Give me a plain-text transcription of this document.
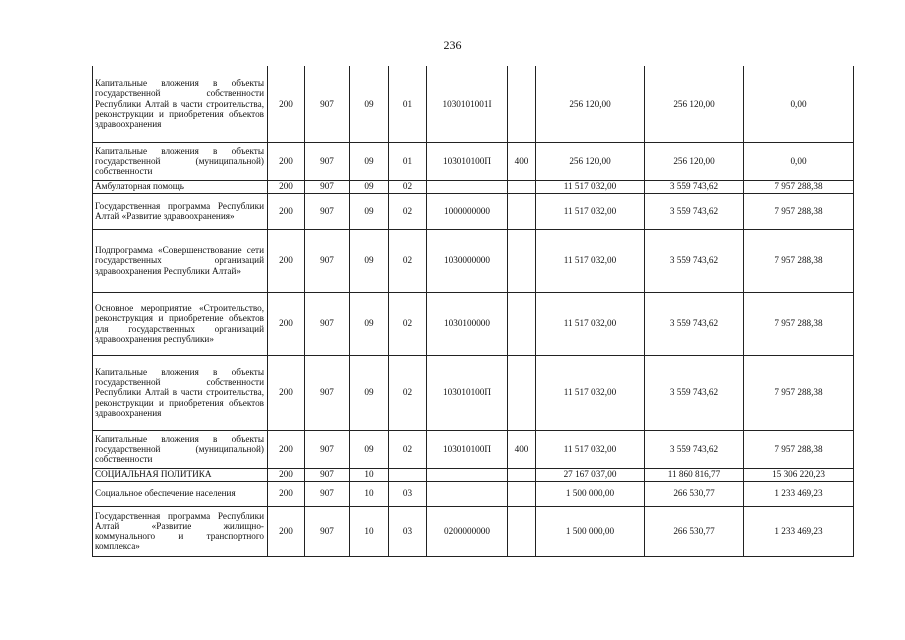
236
Капитальные вложения в объекты государственной собственности Республики Алтай в части строительства, реконструкции и приобретения объектов здравоохранения	200	907	09	01	1030101001I		256 120,00	256 120,00	0,00
Капитальные вложения в объекты государственной (муниципальной) собственности	200	907	09	01	103010100П	400	256 120,00	256 120,00	0,00
Амбулаторная помощь	200	907	09	02			11 517 032,00	3 559 743,62	7 957 288,38
Государственная программа Республики Алтай «Развитие здравоохранения»	200	907	09	02	1000000000		11 517 032,00	3 559 743,62	7 957 288,38
Подпрограмма «Совершенствование сети государственных организаций здравоохранения Республики Алтай»	200	907	09	02	1030000000		11 517 032,00	3 559 743,62	7 957 288,38
Основное мероприятие «Строительство, реконструкция и приобретение объектов для государственных организаций здравоохранения республики»	200	907	09	02	1030100000		11 517 032,00	3 559 743,62	7 957 288,38
Капитальные вложения в объекты государственной собственности Республики Алтай в части строительства, реконструкции и приобретения объектов здравоохранения	200	907	09	02	103010100П		11 517 032,00	3 559 743,62	7 957 288,38
Капитальные вложения в объекты государственной (муниципальной) собственности	200	907	09	02	103010100П	400	11 517 032,00	3 559 743,62	7 957 288,38
СОЦИАЛЬНАЯ ПОЛИТИКА	200	907	10				27 167 037,00	11 860 816,77	15 306 220,23
Социальное обеспечение населения	200	907	10	03			1 500 000,00	266 530,77	1 233 469,23
Государственная программа Республики Алтай «Развитие жилищно-коммунального и транспортного комплекса»	200	907	10	03	0200000000		1 500 000,00	266 530,77	1 233 469,23
